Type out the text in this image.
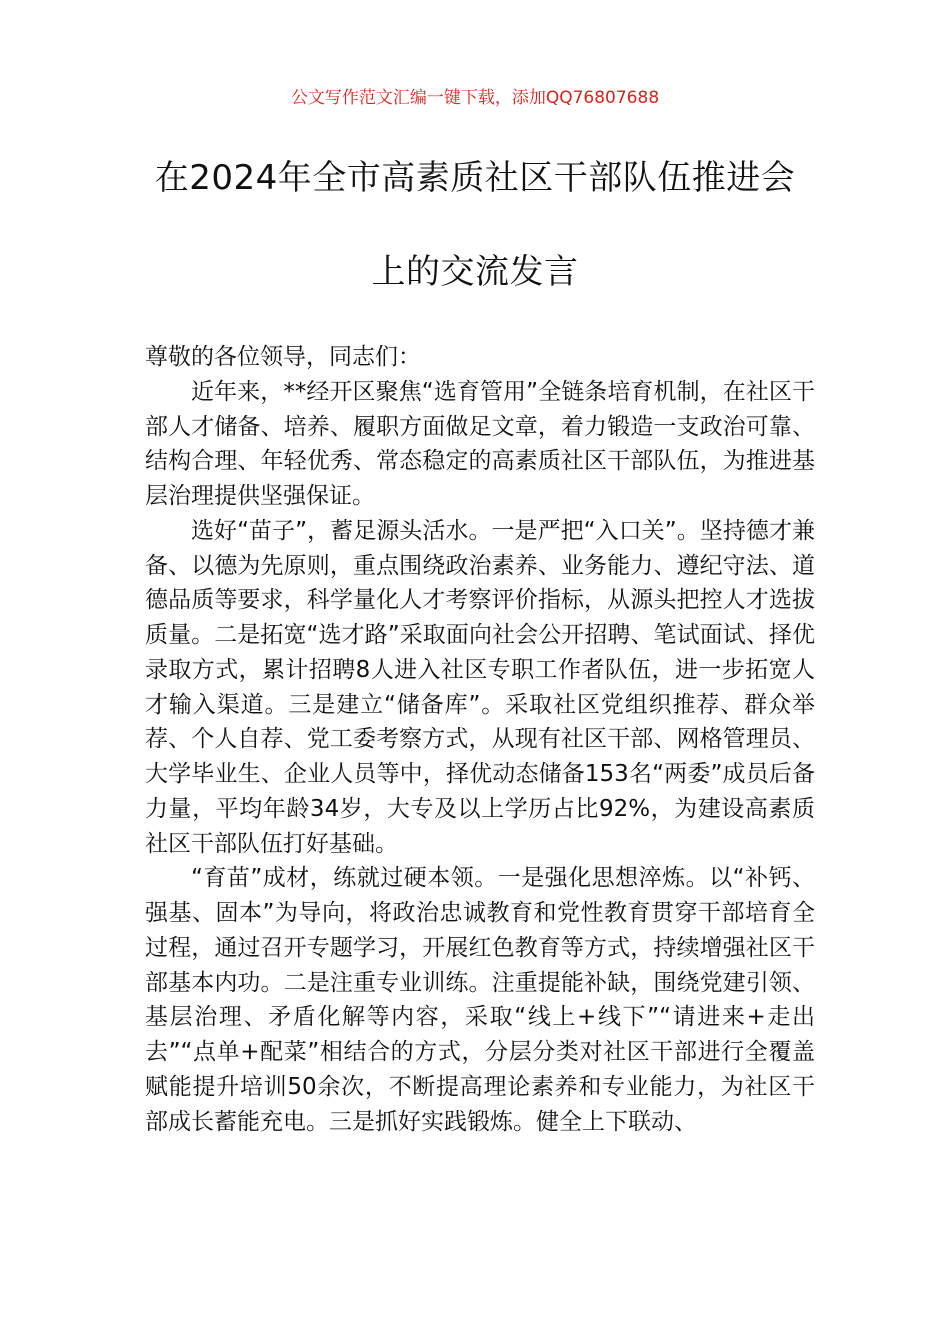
公文写作范文汇编一键下载，添加QQ76807688
在2024年全市高素质社区干部队伍推进会
上的交流发言

尊敬的各位领导，同志们：

近年来，**经开区聚焦“选育管用”全链条培育机制，在社区干部人才储备、培养、履职方面做足文章，着力锻造一支政治可靠、结构合理、年轻优秀、常态稳定的高素质社区干部队伍，为推进基层治理提供坚强保证。

选好“苗子”，蓄足源头活水。一是严把“入口关”。坚持德才兼备、以德为先原则，重点围绕政治素养、业务能力、遵纪守法、道德品质等要求，科学量化人才考察评价指标，从源头把控人才选拔质量。二是拓宽“选才路”采取面向社会公开招聘、笔试面试、择优录取方式，累计招聘8人进入社区专职工作者队伍，进一步拓宽人才输入渠道。三是建立“储备库”。采取社区党组织推荐、群众举荐、个人自荐、党工委考察方式，从现有社区干部、网格管理员、大学毕业生、企业人员等中，择优动态储备153名“两委”成员后备力量，平均年龄34岁，大专及以上学历占比92%，为建设高素质社区干部队伍打好基础。

“育苗”成材，练就过硬本领。一是强化思想淬炼。以“补钙、强基、固本”为导向，将政治忠诚教育和党性教育贯穿干部培育全过程，通过召开专题学习，开展红色教育等方式，持续增强社区干部基本内功。二是注重专业训练。注重提能补缺，围绕党建引领、基层治理、矛盾化解等内容，采取“线上+线下”“请进来+走出去”“点单+配菜”相结合的方式，分层分类对社区干部进行全覆盖赋能提升培训50余次，不断提高理论素养和专业能力，为社区干部成长蓄能充电。三是抓好实践锻炼。健全上下联动、
